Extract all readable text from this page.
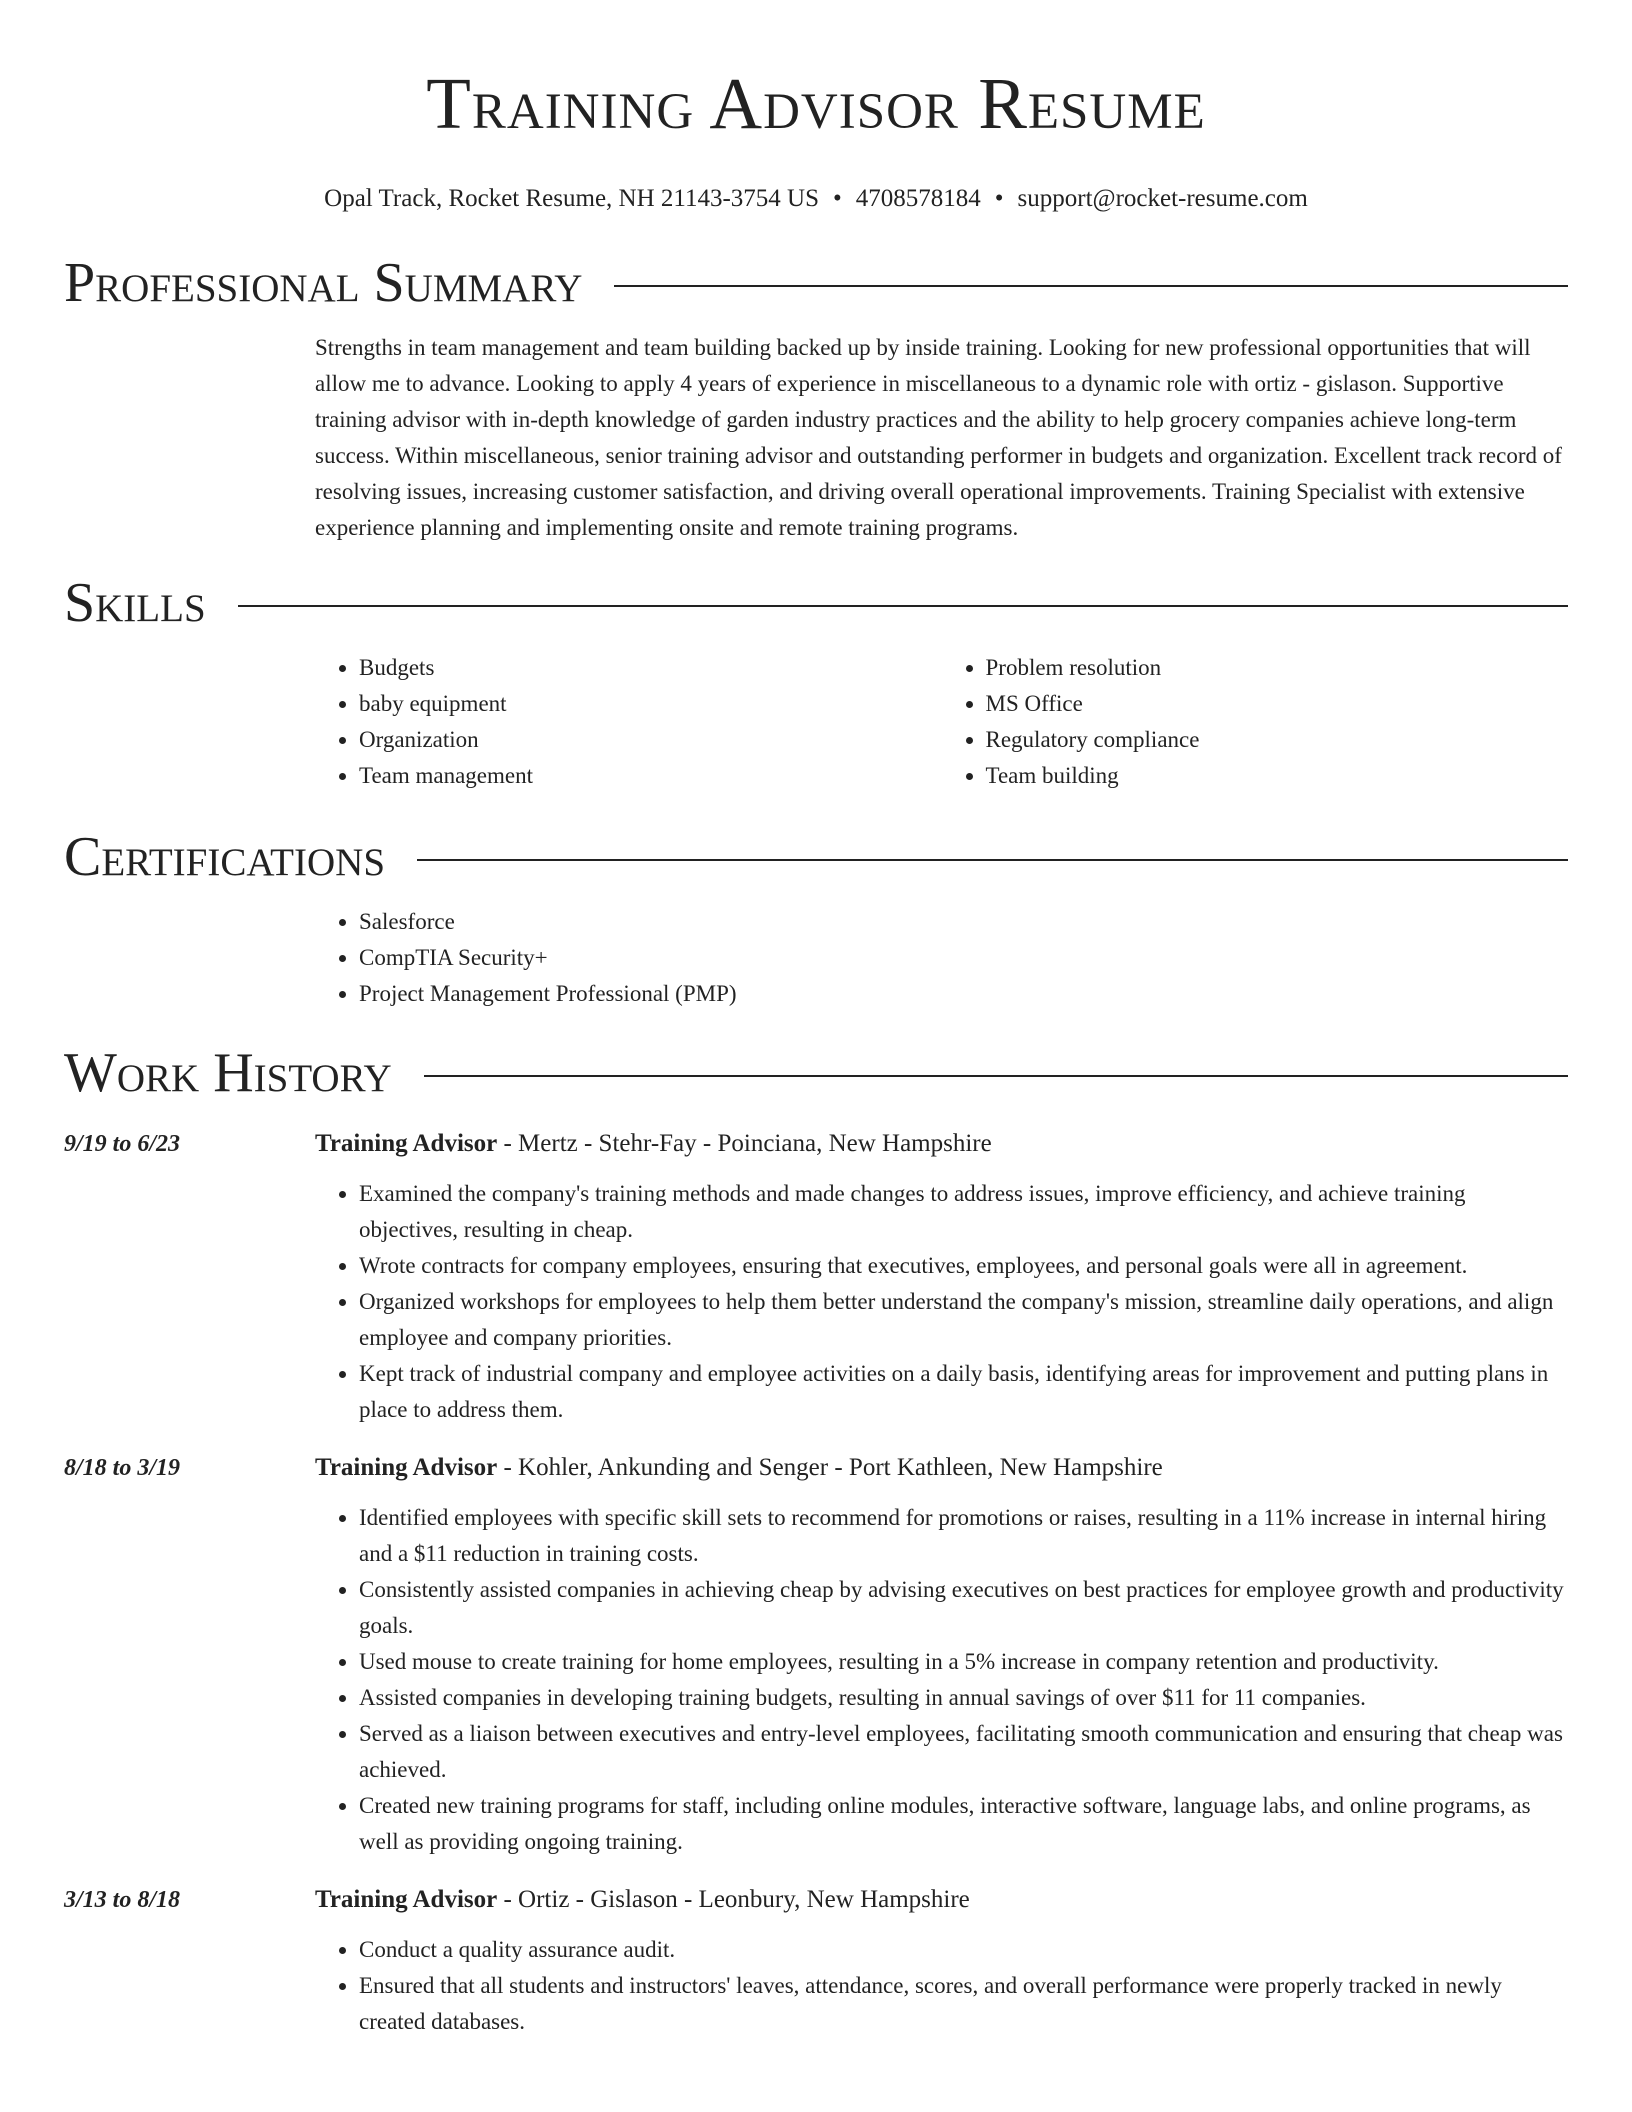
Training Advisor Resume
Opal Track, Rocket Resume, NH 21143-3754 US • 4708578184 • support@rocket-resume.com
Professional Summary

Strengths in team management and team building backed up by inside training. Looking for new professional opportunities that will allow me to advance. Looking to apply 4 years of experience in miscellaneous to a dynamic role with ortiz - gislason. Supportive training advisor with in-depth knowledge of garden industry practices and the ability to help grocery companies achieve long-term success. Within miscellaneous, senior training advisor and outstanding performer in budgets and organization. Excellent track record of resolving issues, increasing customer satisfaction, and driving overall operational improvements. Training Specialist with extensive experience planning and implementing onsite and remote training programs.

Skills
• Budgets
• baby equipment
• Organization
• Team management
• Problem resolution
• MS Office
• Regulatory compliance
• Team building
Certifications
• Salesforce
• CompTIA Security+
• Project Management Professional (PMP)
Work History
9/19 to 6/23	Training Advisor - Mertz - Stehr-Fay - Poinciana, New Hampshire
• Examined the company's training methods and made changes to address issues, improve efficiency, and achieve training objectives, resulting in cheap.
• Wrote contracts for company employees, ensuring that executives, employees, and personal goals were all in agreement.
• Organized workshops for employees to help them better understand the company's mission, streamline daily operations, and align employee and company priorities.
• Kept track of industrial company and employee activities on a daily basis, identifying areas for improvement and putting plans in place to address them.
8/18 to 3/19	Training Advisor - Kohler, Ankunding and Senger - Port Kathleen, New Hampshire
• Identified employees with specific skill sets to recommend for promotions or raises, resulting in a 11% increase in internal hiring and a $11 reduction in training costs.
• Consistently assisted companies in achieving cheap by advising executives on best practices for employee growth and productivity goals.
• Used mouse to create training for home employees, resulting in a 5% increase in company retention and productivity.
• Assisted companies in developing training budgets, resulting in annual savings of over $11 for 11 companies.
• Served as a liaison between executives and entry-level employees, facilitating smooth communication and ensuring that cheap was achieved.
• Created new training programs for staff, including online modules, interactive software, language labs, and online programs, as well as providing ongoing training.
3/13 to 8/18	Training Advisor - Ortiz - Gislason - Leonbury, New Hampshire
• Conduct a quality assurance audit.
• Ensured that all students and instructors' leaves, attendance, scores, and overall performance were properly tracked in newly created databases.
